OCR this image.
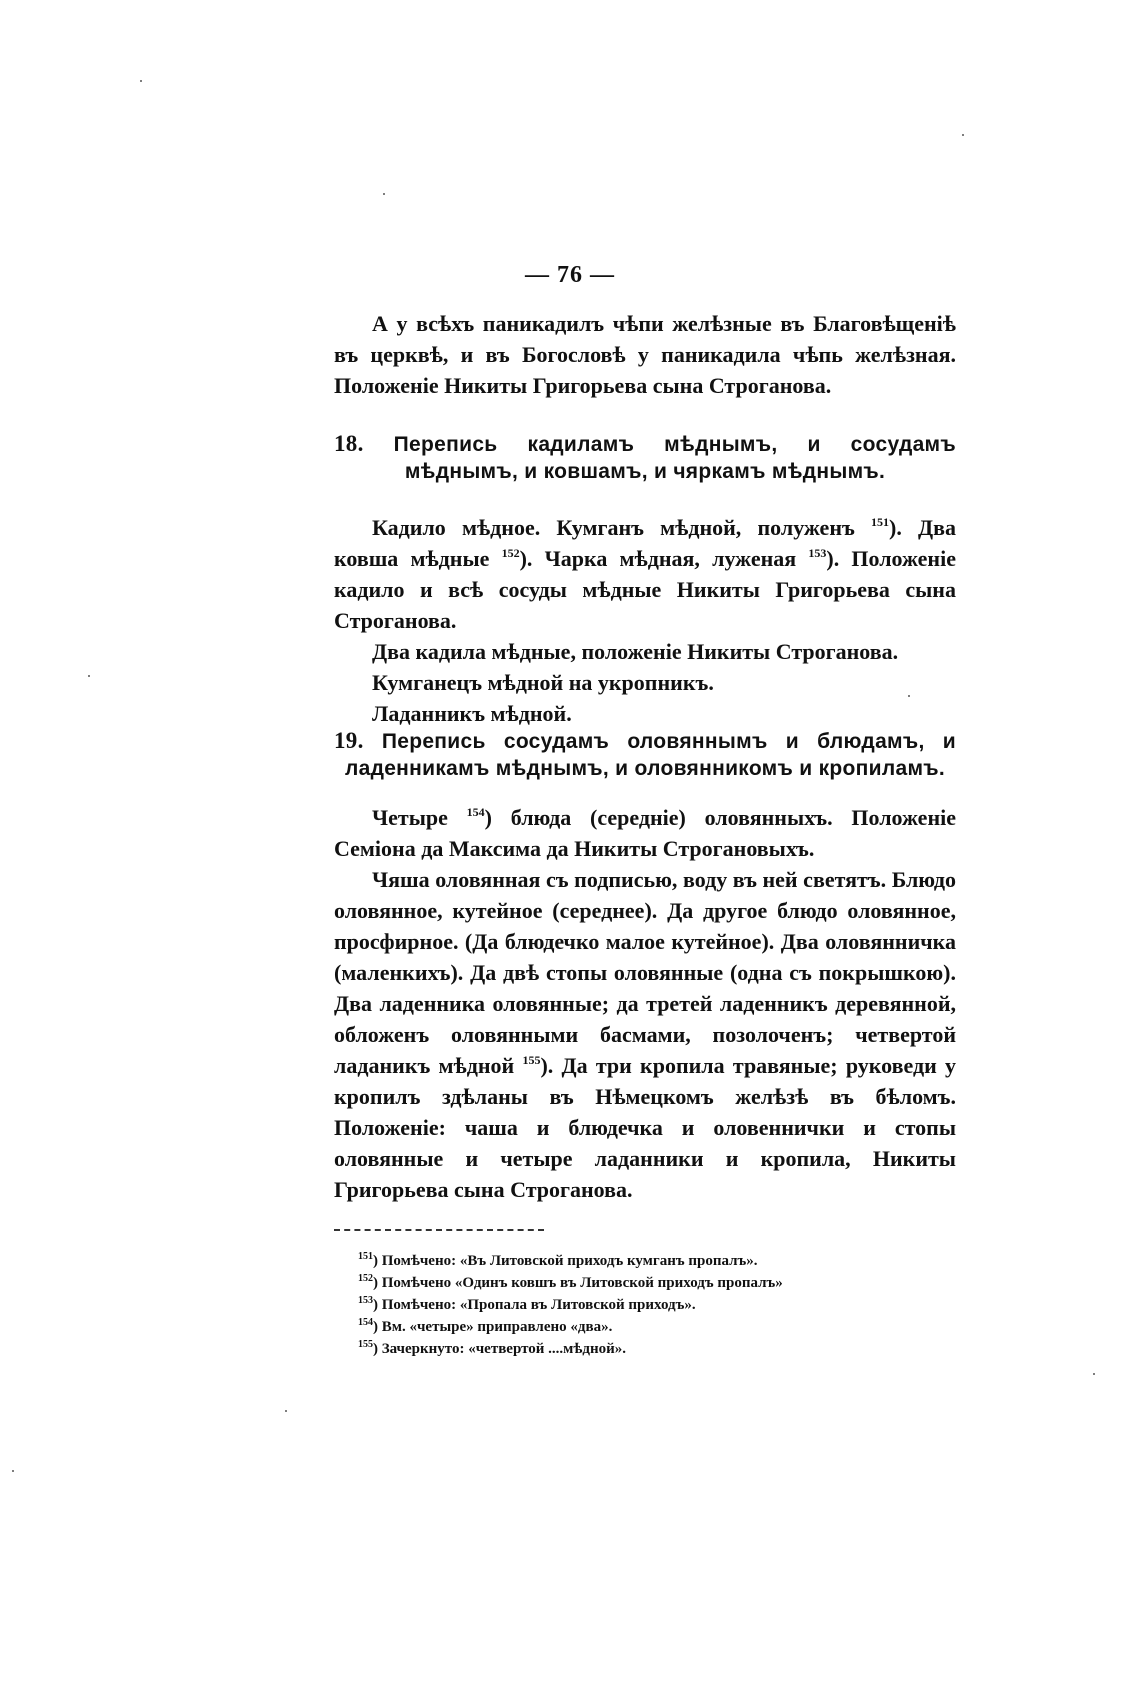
— 76 —

А у всѣхъ паникадилъ чѣпи желѣзные въ Благовѣщеніѣ въ церквѣ, и въ Богословѣ у паникадила чѣпь желѣзная. Положеніе Никиты Григорьева сына Строганова.

18. Перепись кадиламъ мѣднымъ, и сосудамъ мѣднымъ, и ковшамъ, и чяркамъ мѣднымъ.

Кадило мѣдное. Кумганъ мѣдной, полуженъ $^{151}$). Два ковша мѣдные $^{152}$). Чарка мѣдная, луженая $^{153}$). Положеніе кадило и всѣ сосуды мѣдные Никиты Григорьева сына Строганова.

Два кадила мѣдные, положеніе Никиты Строганова.

Кумганецъ мѣдной на укропникъ.

Ладанникъ мѣдной.

19. Перепись сосудамъ оловяннымъ и блюдамъ, и ладенникамъ мѣднымъ, и оловянникомъ и кропиламъ.

Четыре $^{154}$) блюда (середніе) оловянныхъ. Положеніе Семіона да Максима да Никиты Строгановыхъ.

Чяша оловянная съ подписью, воду въ ней светятъ. Блюдо оловянное, кутейное (середнее). Да другое блюдо оловянное, просфирное. (Да блюдечко малое кутейное). Два оловянничка (маленкихъ). Да двѣ стопы оловянные (одна съ покрышкою). Два ладенника оловянные; да третей ладенникъ деревянной, обложенъ оловянными басмами, позолоченъ; четвертой ладаникъ мѣдной $^{155}$). Да три кропила травяные; руковеди у кропилъ здѣланы въ Нѣмецкомъ желѣзѣ въ бѣломъ. Положеніе: чаша и блюдечка и оловеннички и стопы оловянные и четыре ладанники и кропила, Никиты Григорьева сына Строганова.

$^{151}$) Помѣчено: «Въ Литовской приходъ кумганъ пропалъ».

$^{152}$) Помѣчено «Одинъ ковшъ въ Литовской приходъ пропалъ»

$^{153}$) Помѣчено: «Пропала въ Литовской приходъ».

$^{154}$) Вм. «четыре» приправлено «два».

$^{155}$) Зачеркнуто: «четвертой ....мѣдной».
